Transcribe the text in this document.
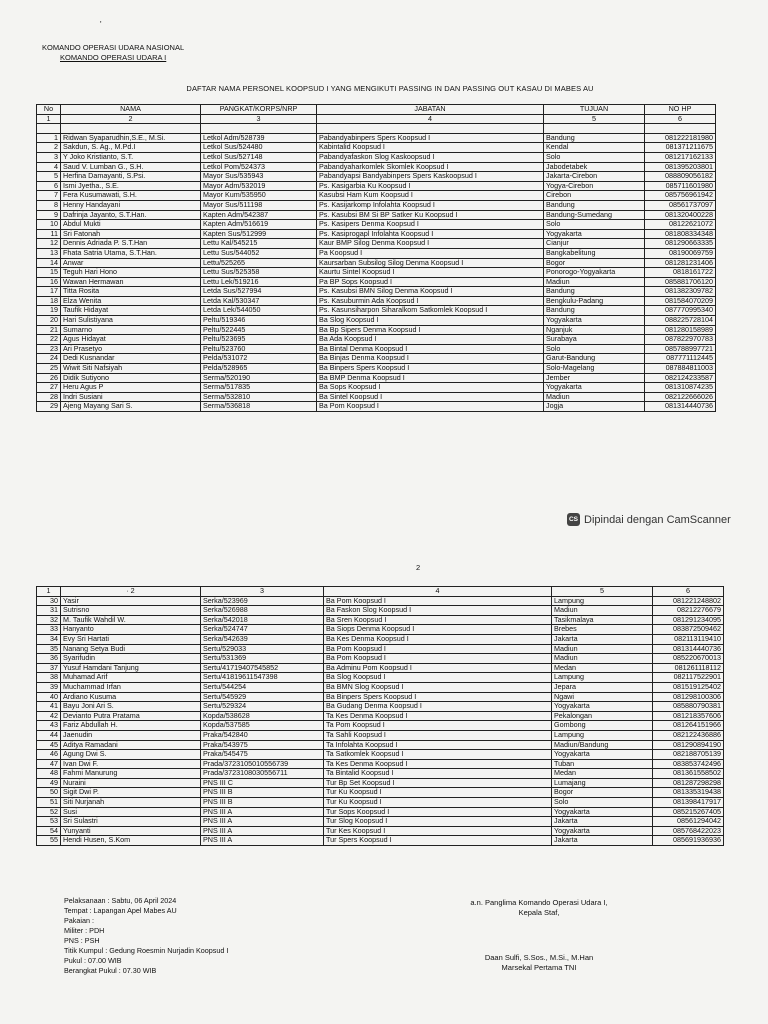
'
KOMANDO OPERASI UDARA NASIONAL
KOMANDO OPERASI UDARA I
DAFTAR NAMA PERSONEL KOOPSUD I YANG MENGIKUTI PASSING IN DAN PASSING OUT KASAU DI MABES AU
No	NAMA	PANGKAT/KORPS/NRP	JABATAN	TUJUAN	NO HP
1	2	3	4	5	6

1	Ridwan Syaparudhin,S.E., M.Si.	Letkol Adm/528739	Pabandyabinpers Spers Koopsud I	Bandung	081222181980
2	Sakdun, S. Ag., M.Pd.I	Letkol Sus/524480	Kabintalid Koopsud I	Kendal	081371211675
3	Y Joko Kristianto, S.T.	Letkol Sus/527148	Pabandyafaskon Slog Kaskoopsud I	Solo	081217162133
4	Saud V. Lumban G., S.H.	Letkol Pom/524373	Pabandyaharkomlek Skomlek Koopsud I	Jabodetabek	081395203801
5	Herfina Damayanti, S.Psi.	Mayor Sus/535943	Pabandyapsi Bandyabinpers Spers Kaskoopsud I	Jakarta-Cirebon	088809056182
6	Ismi Jyetha., S.E.	Mayor Adm/532019	Ps. Kasigarbia Ku Koopsud I	Yogya-Cirebon	085711601980
7	Fera Kusumawati, S.H.	Mayor Kum/535950	Kasubsi Ham Kum Koopsud I	Cirebon	085756961942
8	Henny Handayani	Mayor Sus/511198	Ps. Kasijarkomp Infolahta Koopsud I	Bandung	08561737097
9	Dafrinja Jayanto, S.T.Han.	Kapten Adm/542387	Ps. Kasubsi BM Si BP Satker Ku Koopsud I	Bandung-Sumedang	081320400228
10	Abdul Mukti	Kapten Adm/516619	Ps. Kasipers Denma Koopsud I	Solo	08122621072
11	Sri Fatonah	Kapten Sus/512999	Ps. Kasiprogapl Infolahta Koopsud I	Yogyakarta	081808334348
12	Dennis Adriada P. S.T.Han	Lettu Kal/545215	Kaur BMP Silog Denma Koopsud I	Cianjur	081290663335
13	Fhata Satria Utama, S.T.Han.	Lettu Sus/544052	Pa Koopsud I	Bangkabelitung	08190069759
14	Anwar	Lettu/525265	Kaursarban Subsilog Silog Denma Koopsud I	Bogor	081281231406
15	Teguh Hari Hono	Lettu Sus/525358	Kaurtu Sintel Koopsud I	Ponorogo-Yogyakarta	0818161722
16	Wawan Hermawan	Lettu Lek/519216	Pa BP Sops Koopsud I	Madiun	085881706120
17	Titta Rosita	Letda Sus/527994	Ps. Kasubsi BMN Silog Denma Koopsud I	Bandung	081382309782
18	Elza Wenita	Letda Kal/530347	Ps. Kasuburmin Ada Koopsud I	Bengkulu-Padang	081584070209
19	Taufik Hidayat	Letda Lek/544050	Ps. Kasunsiharpon Siharalkom Satkomlek Koopsud I	Bandung	087770995340
20	Hari Sulistiyana	Peltu/519346	Ba Slog Koopsud I	Yogyakarta	088225728104
21	Sumarno	Peltu/522445	Ba Bp Sipers Denma Koopsud I	Nganjuk	081280158989
22	Agus Hidayat	Peltu/523695	Ba Ada Koopsud I	Surabaya	087822970783
23	Ari Prasetyo	Peltu/523760	Ba Bintal Denma Koopsud I	Solo	085788997721
24	Dedi Kusnandar	Pelda/531072	Ba Binjas Denma Koopsud I	Garut-Bandung	087771112445
25	Wiwit Siti Nafsiyah	Pelda/528965	Ba Binpers Spers Koopsud I	Solo-Magelang	087884811003
26	Didik Sutiyono	Serma/520190	Ba BMP Denma Koopsud I	Jember	082124233587
27	Heru Agus P	Serma/517835	Ba Sops Koopsud I	Yogyakarta	081310874235
28	Indri Susiani	Serma/532810	Ba Sintel Koopsud I	Madiun	082122666026
29	Ajeng Mayang Sari S.	Serma/536818	Ba Pom Koopsud I	Jogja	081314440736
CS Dipindai dengan CamScanner
2
1	· 2	3	4	5	6
30	Yasir	Serka/523969	Ba Pom Koopsud I	Lampung	081221248802
31	Sutrisno	Serka/526988	Ba Faskon Slog Koopsud I	Madiun	08212276679
32	M. Taufik Wahdil W.	Serka/542018	Ba Sren Koopsud I	Tasikmalaya	081291234095
33	Hanyanto	Serka/524747	Ba Siops Denma Koopsud I	Brebes	083872509462
34	Evy Sri Hartati	Serka/542639	Ba Kes Denma Koopsud I	Jakarta	082113119410
35	Nanang Setya Budi	Sertu/529033	Ba Pom Koopsud I	Madiun	081314440736
36	Syarifudin	Sertu/531369	Ba Pom Koopsud I	Madiun	085220670013
37	Yusuf Hamdani Tanjung	Sertu/41719407545852	Ba Adminu Pom Koopsud I	Medan	081261118112
38	Muhamad Arif	Sertu/41819611547398	Ba Slog Koopsud I	Lampung	082117522901
39	Muchammad Irfan	Sertu/544254	Ba BMN Slog Koopsud I	Jepara	081519125402
40	Ardiano Kusuma	Sertu/545929	Ba Binpers Spers Koopsud I	Ngawi	081298100306
41	Bayu Joni Ari S.	Sertu/529324	Ba Gudang Denma Koopsud I	Yogyakarta	085880790381
42	Devianto Putra Pratama	Kopda/538628	Ta Kes Denma Koopsud I	Pekalongan	081218357606
43	Fariz Abdullah H.	Kopda/537585	Ta Pom Koopsud I	Gombong	081264151966
44	Jaenudin	Praka/542840	Ta Sahli Koopsud I	Lampung	082122436886
45	Aditya Ramadani	Praka/543975	Ta Infolahta Koopsud I	Madiun/Bandung	081290894190
46	Agung Dwi S.	Praka/545475	Ta Satkomlek Koopsud I	Yogyakarta	082188705139
47	Ivan Dwi F.	Prada/3723105010556739	Ta Kes Denma Koopsud I	Tuban	083853742496
48	Fahmi Manurung	Prada/3723108030556711	Ta Bintalid Koopsud I	Medan	081361558502
49	Nuraini	PNS III C	Tur Bp Set Koopsud I	Lumajang	081287298298
50	Sigit Dwi P.	PNS III B	Tur Ku Koopsud I	Bogor	081335319438
51	Siti Nurjanah	PNS III B	Tur Ku Koopsud I	Solo	081398417917
52	Susi	PNS III A	Tur Sops Koopsud I	Yogyakarta	085215267405
53	Sri Sulastri	PNS III A	Tur Slog Koopsud I	Jakarta	08561294042
54	Yunyanti	PNS III A	Tur Kes Koopsud I	Yogyakarta	085768422023
55	Hendi Husen, S.Kom	PNS III A	Tur Spers Koopsud I	Jakarta	085691936936
Pelaksanaan : Sabtu, 06 April 2024
Tempat : Lapangan Apel Mabes AU
Pakaian :
Militer : PDH
PNS : PSH
Titik Kumpul : Gedung Roesmin Nurjadin Koopsud I
Pukul : 07.00 WIB
Berangkat Pukul : 07.30 WIB
a.n. Panglima Komando Operasi Udara I,
Kepala Staf,
Daan Sulfi, S.Sos., M.Si., M.Han
Marsekal Pertama TNI
